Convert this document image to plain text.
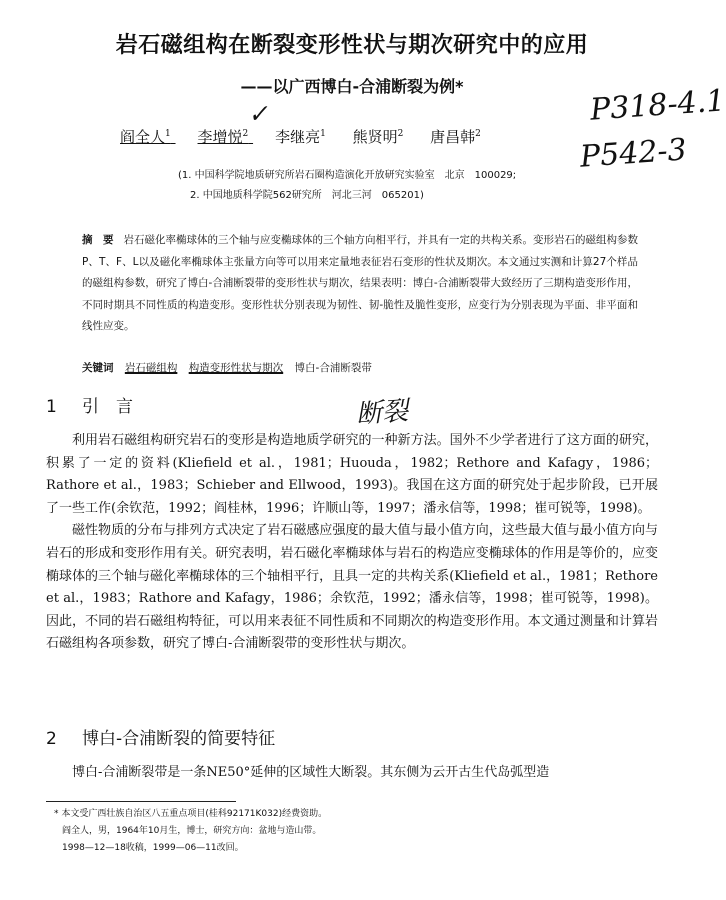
岩石磁组构在断裂变形性状与期次研究中的应用
——以广西博白-合浦断裂为例*
✓
阎全人$^1$ 李增悦$^2$ 李继亮$^1$ 熊贤明$^2$ 唐昌韩$^2$
P318-4.1
P542-3
(1. 中国科学院地质研究所岩石圈构造演化开放研究实验室　北京　100029;
2. 中国地质科学院562研究所　河北三河　065201)
摘　要 岩石磁化率椭球体的三个轴与应变椭球体的三个轴方向相平行，并具有一定的共构关系。变形岩石的磁组构参数P、T、F、L以及磁化率椭球体主张量方向等可以用来定量地表征岩石变形的性状及期次。本文通过实测和计算27个样品的磁组构参数，研究了博白-合浦断裂带的变形性状与期次，结果表明：博白-合浦断裂带大致经历了三期构造变形作用，不同时期具不同性质的构造变形。变形性状分别表现为韧性、韧-脆性及脆性变形，应变行为分别表现为平面、非平面和线性应变。
关键词 岩石磁组构 构造变形性状与期次 博白-合浦断裂带
1 引　言	断裂

利用岩石磁组构研究岩石的变形是构造地质学研究的一种新方法。国外不少学者进行了这方面的研究，积累了一定的资料(Kliefield et al.，1981；Huouda，1982；Rethore and Kafagy，1986；Rathore et al.，1983；Schieber and Ellwood，1993)。我国在这方面的研究处于起步阶段，已开展了一些工作(余钦范，1992；阎桂林，1996；许顺山等，1997；潘永信等，1998；崔可锐等，1998)。

磁性物质的分布与排列方式决定了岩石磁感应强度的最大值与最小值方向，这些最大值与最小值方向与岩石的形成和变形作用有关。研究表明，岩石磁化率椭球体与岩石的构造应变椭球体的作用是等价的，应变椭球体的三个轴与磁化率椭球体的三个轴相平行，且具一定的共构关系(Kliefield et al.，1981；Rethore et al.，1983；Rathore and Kafagy，1986；余钦范，1992；潘永信等，1998；崔可锐等，1998)。因此，不同的岩石磁组构特征，可以用来表征不同性质和不同期次的构造变形作用。本文通过测量和计算岩石磁组构各项参数，研究了博白-合浦断裂带的变形性状与期次。

2 博白-合浦断裂的简要特征

博白-合浦断裂带是一条NE50°延伸的区域性大断裂。其东侧为云开古生代岛弧型造

* 本文受广西壮族自治区八五重点项目(桂科92171K032)经费资助。
阎全人，男，1964年10月生，博士，研究方向：盆地与造山带。
1998—12—18收稿，1999—06—11改回。
